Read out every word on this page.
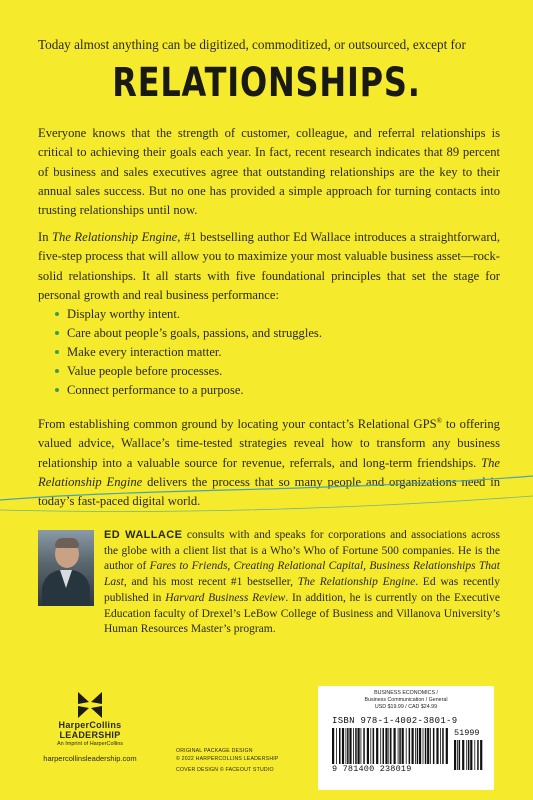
Today almost anything can be digitized, commoditized, or outsourced, except for
RELATIONSHIPS.
Everyone knows that the strength of customer, colleague, and referral relationships is critical to achieving their goals each year. In fact, recent research indicates that 89 percent of business and sales executives agree that outstanding relationships are the key to their annual sales success. But no one has provided a simple approach for turning contacts into trusting relationships until now.
In The Relationship Engine, #1 bestselling author Ed Wallace introduces a straightforward, five-step process that will allow you to maximize your most valuable business asset—rock-solid relationships. It all starts with five foundational principles that set the stage for personal growth and real business performance:
Display worthy intent.
Care about people’s goals, passions, and struggles.
Make every interaction matter.
Value people before processes.
Connect performance to a purpose.
From establishing common ground by locating your contact’s Relational GPS® to offering valued advice, Wallace’s time-tested strategies reveal how to transform any business relationship into a valuable source for revenue, referrals, and long-term friendships. The Relationship Engine delivers the process that so many people and organizations need in today’s fast-paced digital world.
ED WALLACE consults with and speaks for corporations and associations across the globe with a client list that is a Who’s Who of Fortune 500 companies. He is the author of Fares to Friends, Creating Relational Capital, Business Relationships That Last, and his most recent #1 bestseller, The Relationship Engine. Ed was recently published in Harvard Business Review. In addition, he is currently on the Executive Education faculty of Drexel’s LeBow College of Business and Villanova University’s Human Resources Master’s program.
HarperCollins
LEADERSHIP
An Imprint of HarperCollins
harpercollinsleadership.com
ORIGINAL PACKAGE DESIGN
© 2022 HARPERCOLLINS LEADERSHIP
COVER DESIGN © FACEOUT STUDIO
BUSINESS ECONOMICS /
Business Communication / General
USD $19.99 / CAD $24.99
ISBN 978-1-4002-3801-9
9 781400 238019
51999
